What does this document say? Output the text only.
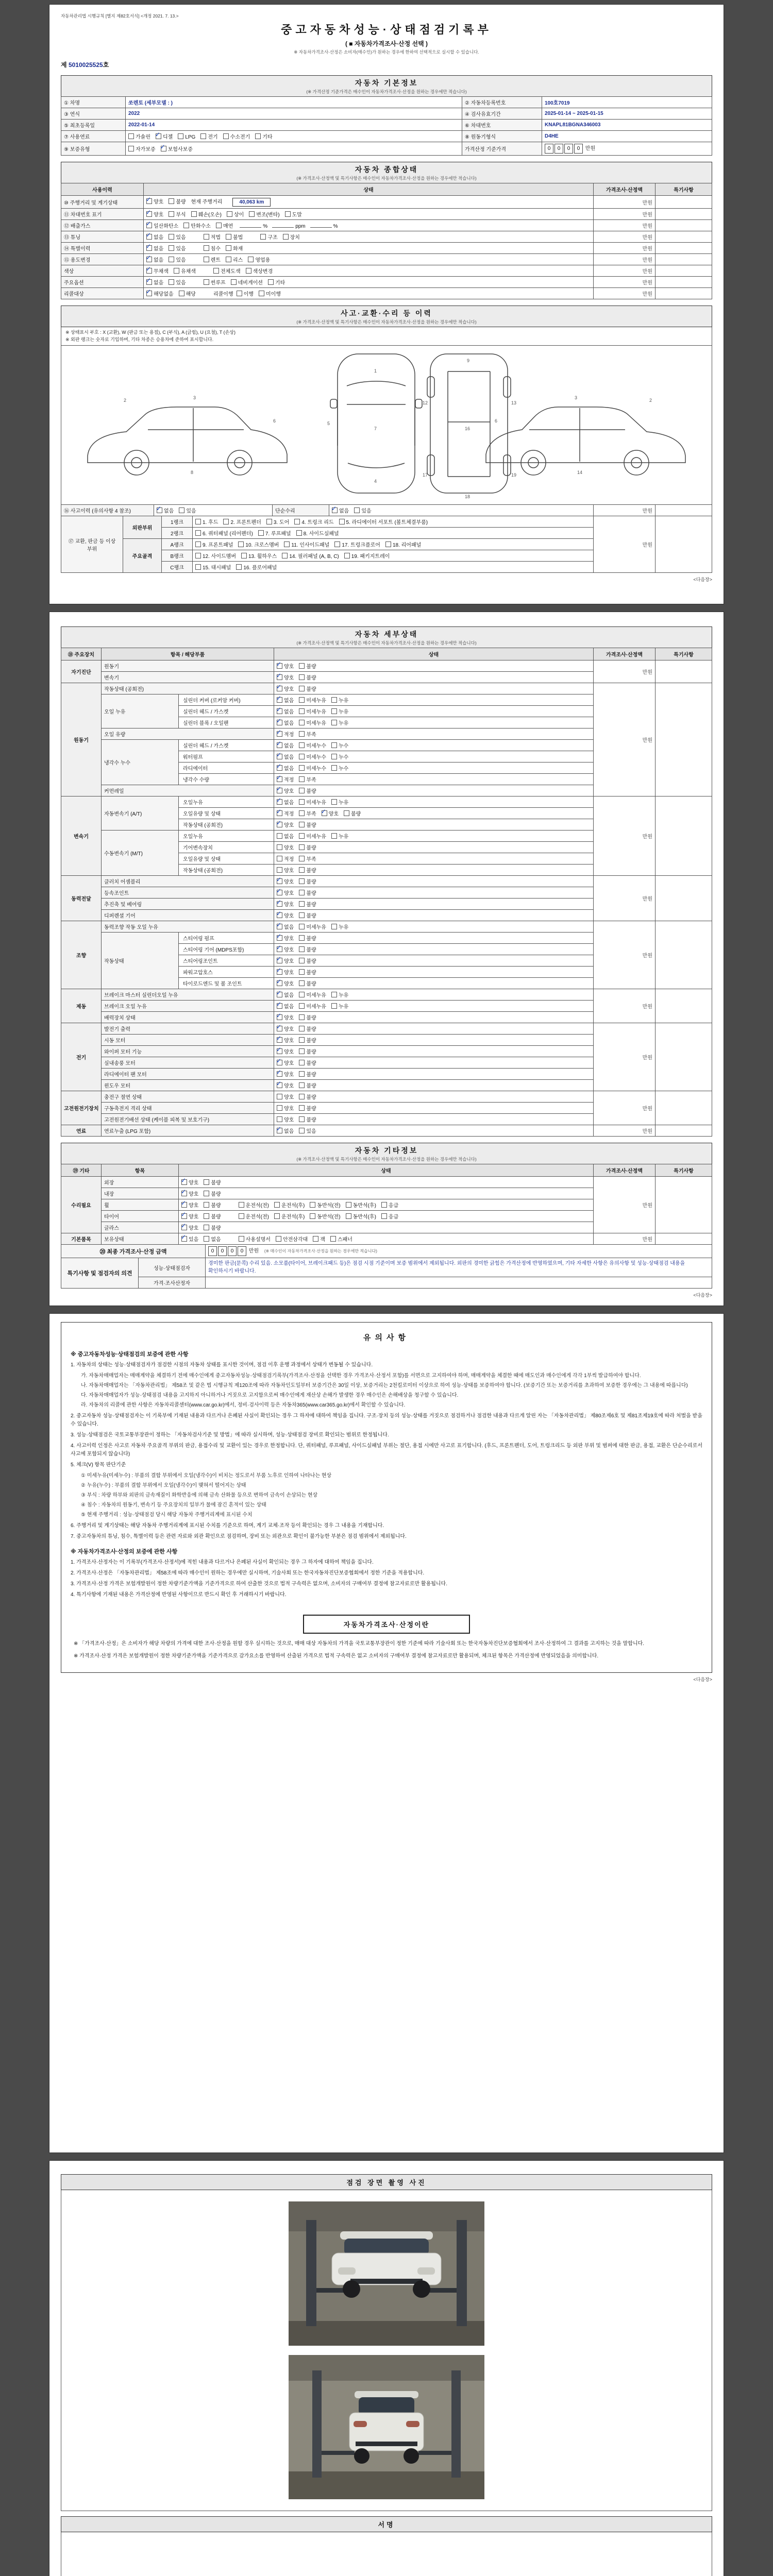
자동차관리법 시행규칙 [별지 제82호서식] <개정 2021. 7. 13.>
중고자동차성능·상태점검기록부
( ■ 자동차가격조사·산정 선택 )
※ 자동차가격조사·산정은 소비자(매수인)가 원하는 경우에 한하여 선택적으로 실시할 수 있습니다.
제 5010025525호
자동차 기본정보
(※ 가격산정 기준가격은 매수인이 자동차가격조사·산정을 원하는 경우에만 적습니다)
① 차명	쏘렌토 (세부모델 : )	② 자동차등록번호	100호7019
③ 연식	2022	④ 검사유효기간	2025-01-14 ~ 2025-01-15
⑤ 최초등록일	2022-01-14	⑥ 차대번호	KNAPL81BGNA346003
⑦ 사용연료	가솔린 ✓ 디젤 LPG 전기 수소전기 기타	⑧ 원동기형식	D4HE
⑨ 보증유형	자가보증 ✓ 보험사보증	가격산정 기준가격	0 0 0 0 만원
자동차 종합상태
(※ 가격조사·산정액 및 특기사항은 매수인이 자동차가격조사·산정을 원하는 경우에만 적습니다)
사용이력	상태	가격조사·산정액	특기사항
⑩ 주행거리 및 계기상태	✓양호 불량 현재 주행거리 40,063 km	만원	
⑪ 차대번호 표기	✓양호 부식 훼손(오손) 상이 변조(변타) 도말	만원	
⑫ 배출가스	✓일산화탄소 탄화수소 매연 % ppm %	만원	
⑬ 튜닝	✓없음 있음 적법 불법 구조 장치	만원	
⑭ 특별이력	✓없음 있음 침수 화재	만원	
⑮ 용도변경	✓없음 있음 렌트 리스 영업용	만원	
색상	✓무채색 유채색 전체도색 색상변경	만원	
주요옵션	✓없음 있음 썬루프 네비게이션 기타	만원	
리콜대상	✓해당없음 해당 리콜이행 이행 미이행	만원	
사고·교환·수리 등 이력
(※ 가격조사·산정액 및 특기사항은 매수인이 자동차가격조사·산정을 원하는 경우에만 적습니다)
※ 상태표시 부호 : X (교환), W (판금 또는 용접), C (부식), A (긁힘), U (요철), T (손상)
※ 외판 랭크는 숫자로 기입하며, 기타 차종은 승용차에 준하여 표시합니다.
2	3
6
8
1
7
4
5
9
12	13
16
17	19
18
2
3
6
14
⑯ 사고이력 (유의사항 4 참조)	✓없음 있음	단순수리	✓없음 있음	만원	
⑰ 교환, 판금 등 이상 부위	외판부위	1랭크	1. 후드 2. 프론트펜더 3. 도어 4. 트렁크 리드 5. 라디에이터 서포트 (볼트체결부품)	만원	
		2랭크	6. 쿼터패널 (리어펜더) 7. 루프패널 8. 사이드실패널		
	주요골격	A랭크	9. 프론트패널 10. 크로스멤버 11. 인사이드패널 17. 트렁크플로어 18. 리어패널		
		B랭크	12. 사이드멤버 13. 휠하우스 14. 필러패널 (A, B, C) 19. 패키지트레이		
		C랭크	15. 대시패널 16. 플로어패널		
<다음장>
자동차 세부상태
(※ 가격조사·산정액 및 특기사항은 매수인이 자동차가격조사·산정을 원하는 경우에만 적습니다)
⑱ 주요장치	항목 / 해당부품		상태	가격조사·산정액	특기사항
자기진단	원동기	✓양호 불량	만원	
	변속기	✓양호 불량
원동기	작동상태 (공회전)	✓양호 불량	만원	
	오일 누유	실린더 커버 (로커암 커버)	✓없음 미세누유 누유
		실린더 헤드 / 가스켓	✓없음 미세누유 누유
		실린더 블록 / 오일팬	✓없음 미세누유 누유
	오일 유량	✓적정 부족
	냉각수 누수	실린더 헤드 / 가스켓	✓없음 미세누수 누수
		워터펌프	✓없음 미세누수 누수
		라디에이터	✓없음 미세누수 누수
		냉각수 수량	✓적정 부족
	커먼레일	✓양호 불량
변속기	자동변속기 (A/T)	오일누유	✓없음 미세누유 누유	만원	
		오일유량 및 상태	✓적정 부족 ✓ 양호 불량
		작동상태 (공회전)	✓양호 불량
	수동변속기 (M/T)	오일누유	없음 미세누유 누유		
		기어변속장치	양호 불량		
		오일유량 및 상태	적정 부족		
		작동상태 (공회전)	양호 불량		
동력전달	클러치 어셈블리	✓양호 불량	만원	
	등속조인트	✓양호 불량
	추진축 및 베어링	✓양호 불량
	디퍼렌셜 기어	✓양호 불량
조향	동력조향 작동 오일 누유	✓없음 미세누유 누유	만원	
	작동상태	스티어링 펌프	✓양호 불량
		스티어링 기어 (MDPS포함)	✓양호 불량
		스티어링조인트	✓양호 불량
		파워고압호스	✓양호 불량
		타이로드엔드 및 볼 조인트	✓양호 불량
제동	브레이크 마스터 실린더오일 누유	✓없음 미세누유 누유	만원	
	브레이크 오일 누유	✓없음 미세누유 누유
	배력장치 상태	✓양호 불량
전기	발전기 출력	✓양호 불량	만원	
	시동 모터	✓양호 불량
	와이퍼 모터 기능	✓양호 불량
	실내송풍 모터	✓양호 불량
	라디에이터 팬 모터	✓양호 불량
	윈도우 모터	✓양호 불량
고전원전기장치	충전구 절연 상태		양호 불량	만원	
	구동축전지 격리 상태		양호 불량		
	고전원전기배선 상태 (케이블 피복 및 보호기구)		양호 불량		
연료	연료누출 (LPG 포함)	✓없음 있음	만원	
자동차 기타정보
(※ 가격조사·산정액 및 특기사항은 매수인이 자동차가격조사·산정을 원하는 경우에만 적습니다)
⑲ 기타	항목	상태	가격조사·산정액	특기사항
수리필요	외장	✓양호 불량	만원	
	내장	✓양호 불량
	휠	✓양호 불량 운전석(전) 운전석(후) 동반석(전) 동반석(후) 응급
	타이어	✓양호 불량 운전석(전) 운전석(후) 동반석(전) 동반석(후) 응급
	글라스	✓양호 불량
기본품목	보유상태	✓있음 없음 사용설명서 안전삼각대 잭 스패너	만원	
⑳ 최종 가격조사·산정 금액	0 0 0 0 만원 (※ 매수인이 자동차가격조사·산정을 원하는 경우에만 적습니다)
특기사항 및 점검자의 의견	성능·상태점검자	경미한 판금(문콕) 수리 있음. 소모품(타이어, 브레이크패드 등)은 점검 시점 기준이며 보증 범위에서 제외됩니다. 외판의 경미한 긁힘은 가격산정에 반영하였으며, 기타 자세한 사항은 유의사항 및 성능·상태점검 내용을 확인하시기 바랍니다.
	가격·조사산정자	
<다음장>
유의사항
※ 중고자동차성능·상태점검의 보증에 관한 사항
1. 자동차의 상태는 성능·상태점검자가 점검한 시점의 자동차 상태를 표시한 것이며, 점검 이후 운행 과정에서 상태가 변동될 수 있습니다.
가. 자동차매매업자는 매매계약을 체결하기 전에 매수인에게 중고자동차성능·상태점검기록부(가격조사·산정을 선택한 경우 가격조사·산정서 포함)를 서면으로 고지하여야 하며, 매매계약을 체결한 때에 매도인과 매수인에게 각각 1부씩 발급하여야 합니다.
나. 자동차매매업자는 「자동차관리법」 제58조 및 같은 법 시행규칙 제120조에 따라 자동차인도일부터 보증기간은 30일 이상, 보증거리는 2천킬로미터 이상으로 하여 성능·상태를 보증하여야 합니다. (보증기간 또는 보증거리를 초과하여 보증한 경우에는 그 내용에 따릅니다)
다. 자동차매매업자가 성능·상태점검 내용을 고지하지 아니하거나 거짓으로 고지함으로써 매수인에게 재산상 손해가 발생한 경우 매수인은 손해배상을 청구할 수 있습니다.
라. 자동차의 리콜에 관한 사항은 자동차리콜센터(www.car.go.kr)에서, 정비·검사이력 등은 자동차365(www.car365.go.kr)에서 확인할 수 있습니다.
2. 중고자동차 성능·상태점검자는 이 기록부에 기재된 내용과 다르거나 은폐된 사실이 확인되는 경우 그 하자에 대하여 책임을 집니다. 구조·장치 등의 성능·상태를 거짓으로 점검하거나 점검한 내용과 다르게 알린 자는 「자동차관리법」 제80조제6호 및 제81조제19호에 따라 처벌을 받을 수 있습니다.
3. 성능·상태점검은 국토교통부장관이 정하는 「자동차검사기준 및 방법」에 따라 실시하며, 성능·상태점검 장비로 확인되는 범위로 한정됩니다.
4. 사고이력 인정은 사고로 자동차 주요골격 부위의 판금, 용접수리 및 교환이 있는 경우로 한정합니다. 단, 쿼터패널, 루프패널, 사이드실패널 부위는 절단, 용접 시에만 사고로 표기합니다. (후드, 프론트펜더, 도어, 트렁크리드 등 외판 부위 및 범퍼에 대한 판금, 용접, 교환은 단순수리로서 사고에 포함되지 않습니다)
5. 체크(V) 항목 판단기준
① 미세누유(미세누수) : 부품의 결합 부위에서 오일(냉각수)이 비치는 정도로서 부품 노후로 인하여 나타나는 현상
② 누유(누수) : 부품의 결합 부위에서 오일(냉각수)이 맺혀서 떨어지는 상태
③ 부식 : 차량 하부와 외판의 금속재질이 화학반응에 의해 금속 산화물 등으로 변하여 금속이 손상되는 현상
④ 침수 : 자동차의 원동기, 변속기 등 주요장치의 일부가 물에 잠긴 흔적이 있는 상태
⑤ 현재 주행거리 : 성능·상태점검 당시 해당 자동차 주행거리계에 표시된 수치
6. 주행거리 및 계기상태는 해당 자동차 주행거리계에 표시된 수치를 기준으로 하며, 계기 교체·조작 등이 확인되는 경우 그 내용을 기재합니다.
7. 중고자동차의 튜닝, 침수, 특별이력 등은 관련 자료와 외관 확인으로 점검하며, 장비 또는 외관으로 확인이 불가능한 부분은 점검 범위에서 제외됩니다.
※ 자동차가격조사·산정의 보증에 관한 사항
1. 가격조사·산정자는 이 기록부(가격조사·산정서)에 적힌 내용과 다르거나 은폐된 사실이 확인되는 경우 그 하자에 대하여 책임을 집니다.
2. 가격조사·산정은 「자동차관리법」 제58조에 따라 매수인이 원하는 경우에만 실시하며, 기술사회 또는 한국자동차진단보증협회에서 정한 기준을 적용합니다.
3. 가격조사·산정 가격은 보험개발원이 정한 차량기준가액을 기준가격으로 하여 산출한 것으로 법적 구속력은 없으며, 소비자의 구매여부 결정에 참고자료로만 활용됩니다.
4. 특기사항에 기재된 내용은 가격산정에 반영된 사항이므로 반드시 확인 후 거래하시기 바랍니다.
자동차가격조사·산정이란
※ 「가격조사·산정」은 소비자가 해당 차량의 가격에 대한 조사·산정을 원할 경우 실시하는 것으로, 매매 대상 자동차의 가격을 국토교통부장관이 정한 기준에 따라 기술사회 또는 한국자동차진단보증협회에서 조사·산정하여 그 결과를 고지하는 것을 말합니다.
※ 가격조사·산정 가격은 보험개발원이 정한 차량기준가액을 기준가격으로 감가요소를 반영하여 산출된 가격으로 법적 구속력은 없고 소비자의 구매여부 결정에 참고자료로만 활용되며, 체크된 항목은 가격산정에 반영되었음을 의미합니다.
<다음장>
점검 장면 촬영 사진
서명
